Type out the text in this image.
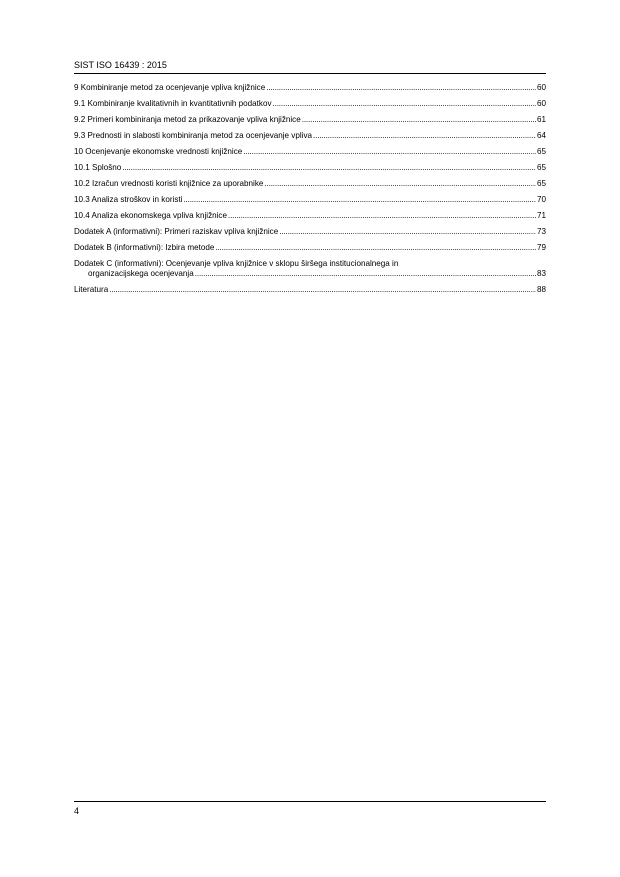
SIST ISO 16439 : 2015
9 Kombiniranje metod za ocenjevanje vpliva knjižnice . . .	60
9.1 Kombiniranje kvalitativnih in kvantitativnih podatkov . . .	60
9.2 Primeri kombiniranja metod za prikazovanje vpliva knjižnice . . .	61
9.3 Prednosti in slabosti kombiniranja metod za ocenjevanje vpliva . . .	64
10 Ocenjevanje ekonomske vrednosti knjižnice . . .	65
10.1 Splošno . . .	65
10.2 Izračun vrednosti koristi knjižnice za uporabnike . . .	65
10.3 Analiza stroškov in koristi . . .	70
10.4 Analiza ekonomskega vpliva knjižnice . . .	71
Dodatek A (informativni): Primeri raziskav vpliva knjižnice . . .	73
Dodatek B (informativni): Izbira metode . . .	79
Dodatek C (informativni): Ocenjevanje vpliva knjižnice v sklopu širšega institucionalnega in
organizacijskega ocenjevanja . . .	83
Literatura . . .	88
4
